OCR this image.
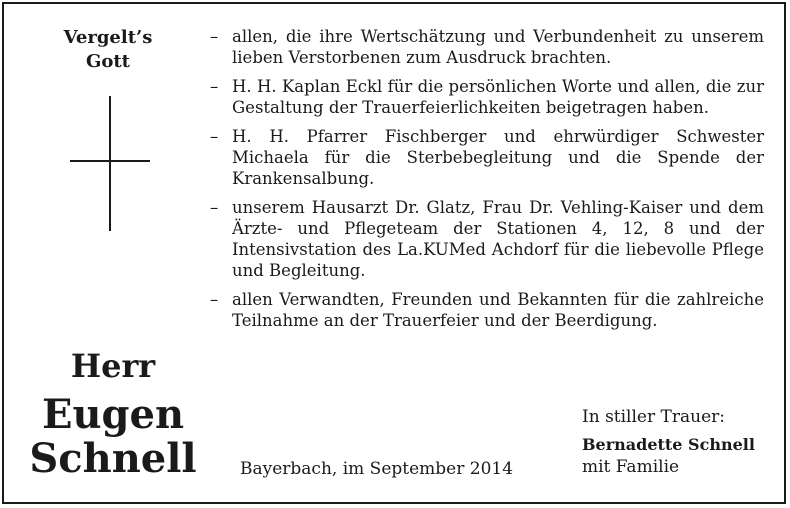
Vergelt’s
Gott
Herr
Eugen
Schnell
– allen, die ihre Wertschätzung und Verbundenheit zu unserem lieben Verstorbenen zum Ausdruck brachten.
– H. H. Kaplan Eckl für die persönlichen Worte und allen, die zur Gestaltung der Trauerfeierlichkeiten beigetragen haben.
– H. H. Pfarrer Fischberger und ehrwürdiger Schwester Michaela für die Sterbebegleitung und die Spende der Krankensalbung.
– unserem Hausarzt Dr. Glatz, Frau Dr. Vehling-Kaiser und dem Ärzte- und Pflegeteam der Stationen 4, 12, 8 und der Intensivstation des La.KUMed Achdorf für die liebevolle Pflege und Begleitung.
– allen Verwandten, Freunden und Bekannten für die zahlreiche Teilnahme an der Trauerfeier und der Beerdigung.
Bayerbach, im September 2014
In stiller Trauer:
Bernadette Schnell
mit Familie
